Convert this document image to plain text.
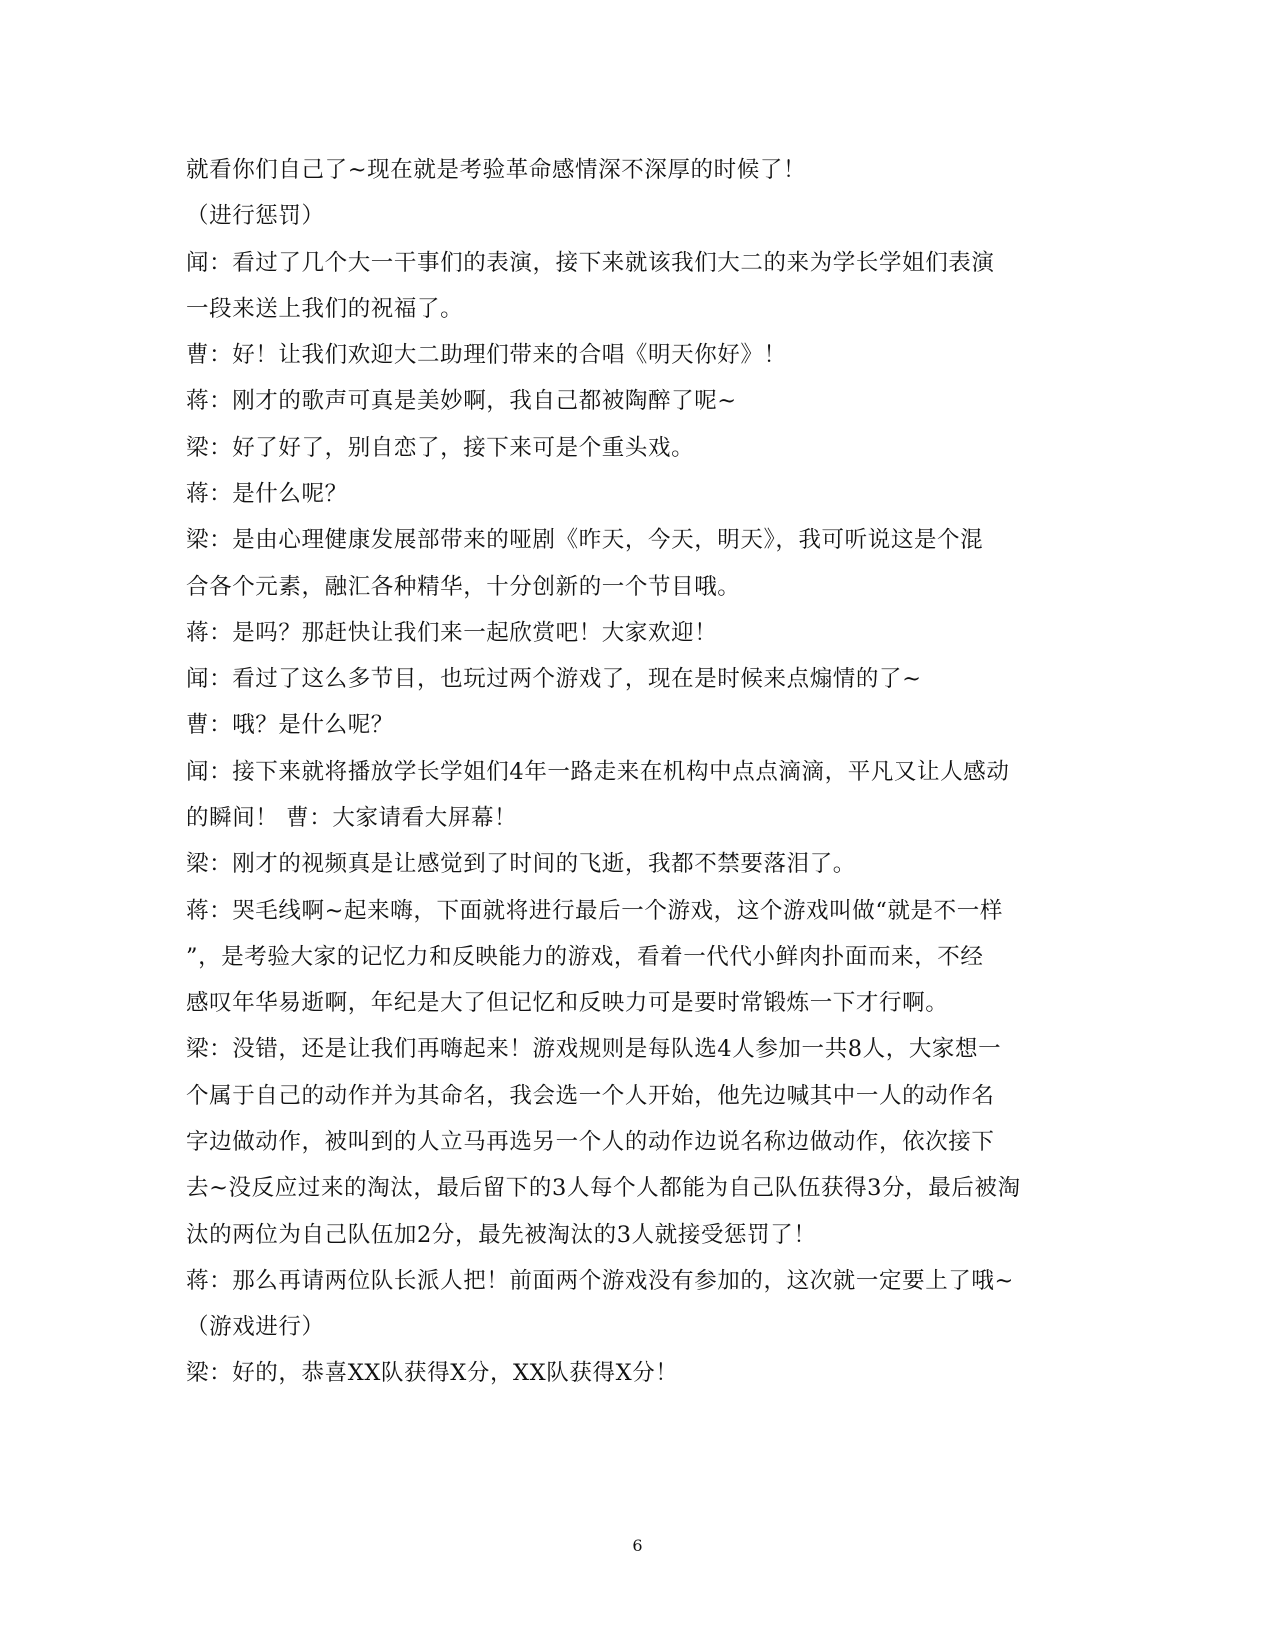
就看你们自己了~现在就是考验革命感情深不深厚的时候了！
（进行惩罚）
闻：看过了几个大一干事们的表演，接下来就该我们大二的来为学长学姐们表演
一段来送上我们的祝福了。
曹：好！让我们欢迎大二助理们带来的合唱《明天你好》！
蒋：刚才的歌声可真是美妙啊，我自己都被陶醉了呢~
梁：好了好了，别自恋了，接下来可是个重头戏。
蒋：是什么呢？
梁：是由心理健康发展部带来的哑剧《昨天，今天，明天》，我可听说这是个混
合各个元素，融汇各种精华，十分创新的一个节目哦。
蒋：是吗？那赶快让我们来一起欣赏吧！大家欢迎！
闻：看过了这么多节目，也玩过两个游戏了，现在是时候来点煽情的了~
曹：哦？是什么呢？
闻：接下来就将播放学长学姐们4年一路走来在机构中点点滴滴，平凡又让人感动
的瞬间！ 曹：大家请看大屏幕！
梁：刚才的视频真是让感觉到了时间的飞逝，我都不禁要落泪了。
蒋：哭毛线啊~起来嗨，下面就将进行最后一个游戏，这个游戏叫做“就是不一样
”，是考验大家的记忆力和反映能力的游戏，看着一代代小鲜肉扑面而来，不经
感叹年华易逝啊，年纪是大了但记忆和反映力可是要时常锻炼一下才行啊。
梁：没错，还是让我们再嗨起来！游戏规则是每队选4人参加一共8人，大家想一
个属于自己的动作并为其命名，我会选一个人开始，他先边喊其中一人的动作名
字边做动作，被叫到的人立马再选另一个人的动作边说名称边做动作，依次接下
去~没反应过来的淘汰，最后留下的3人每个人都能为自己队伍获得3分，最后被淘
汰的两位为自己队伍加2分，最先被淘汰的3人就接受惩罚了！
蒋：那么再请两位队长派人把！前面两个游戏没有参加的，这次就一定要上了哦~
（游戏进行）
梁：好的，恭喜XX队获得X分，XX队获得X分！
6
